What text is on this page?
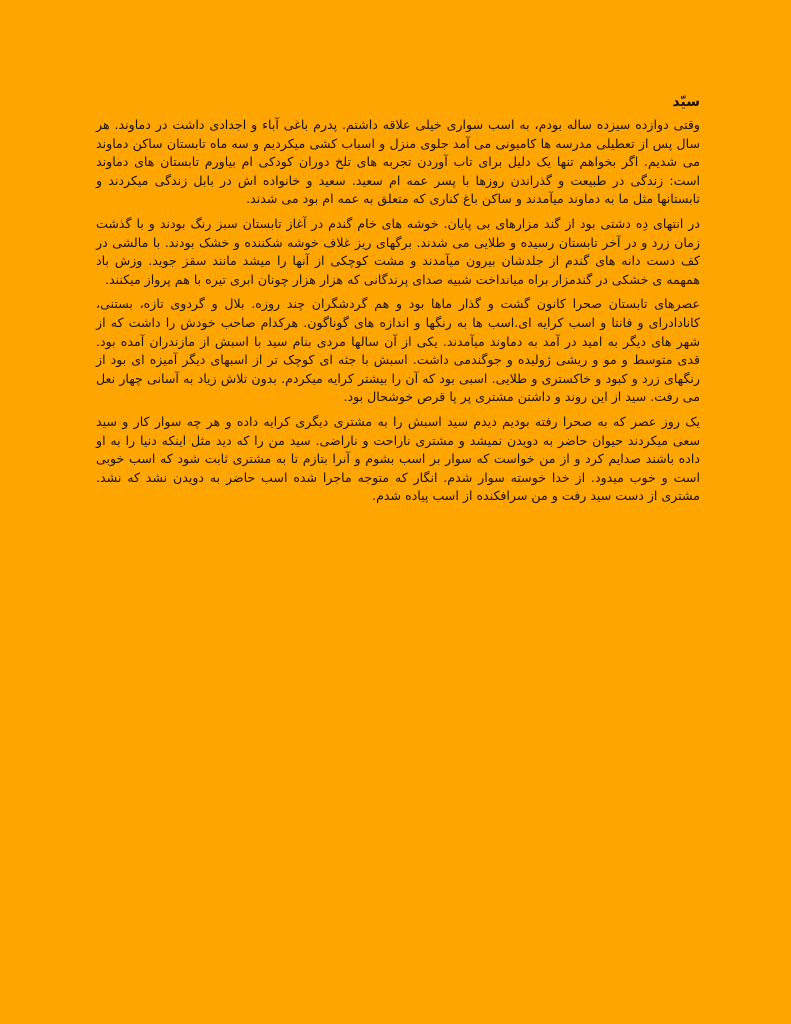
سیّد

وقتی دوازده سیزده ساله بودم، به اسب سواری خیلی علاقه داشتم. پدرم باغی آباء و اجدادی داشت در دماوند. هر سال پس از تعطیلی مدرسه ها کامیونی می آمد جلوی منزل و اسباب کشی میکردیم و سه ماه تابستان ساکن دماوند می شدیم. اگر بخواهم تنها یک دلیل برای تاب آوردن تجربه های تلخ دوران کودکی ام بیاورم تابستان های دماوند است: زندگی در طبیعت و گذراندن روزها با پسر عمه ام سعید. سعید و خانواده اش در بابل زندگی میکردند و تابستانها مثل ما به دماوند میآمدند و ساکن باغ کناری که متعلق به عمه ام بود می شدند.

در انتهای دِه دشتی بود از گند مزارهای بی پایان. خوشه های خام گندم در آغاز تابستان سبز رنگ بودند و با گذشت زمان زرد و در آخر تابستان رسیده و طلایی می شدند. برگهای ریز غلاف خوشه شکننده و خشک بودند. با مالشی در کف دست دانه های گندم از جلدشان بیرون میآمدند و مشت کوچکی از آنها را میشد مانند سقز جوید. وزش باد همهمه ی خشکی در گندمزار براه میانداخت شبیه صدای پرندگانی که هزار هزار چونان ابری تیره با هم پرواز میکنند.

عصرهای تابستان صحرا کانون گشت و گذار ماها بود و هم گردشگران چند روزه. بلال و گردوی تازه، بستنی، کانادادرای و فانتا و اسب کرایه ای.اسب ها به رنگها و اندازه های گوناگون. هرکدام صاحب خودش را داشت که از شهر های دیگر به امید در آمد به دماوند میآمدند. یکی از آن سالها مردی بنام سید با اسبش از مازندران آمده بود. قدی متوسط و مو و ریشی ژولیده و جوگندمی داشت. اسبش با جثه ای کوچک تر از اسبهای دیگر آمیزه ای بود از رنگهای زرد و کبود و خاکستری و طلایی. اسبی بود که آن را بیشتر کرایه میکردم. بدون تلاش زیاد به آسانی چهار نعل می رفت. سید از این روند و داشتن مشتری پر پا قرص خوشحال بود.

یک روز عصر که به صحرا رفته بودیم دیدم سید اسبش را به مشتری دیگری کرایه داده و هر چه سوار کار و سید سعی میکردند حیوان حاضر به دویدن نمیشد و مشتری ناراحت و ناراضی. سید من را که دید مثل اینکه دنیا را به او داده باشند صدایم کرد و از من خواست که سوار بر اسب بشوم و آنرا بتازم تا به مشتری ثابت شود که اسب خوبی است و خوب میدود. از خدا خوسته سوار شدم. انگار که متوجه ماجرا شده اسب حاضر به دویدن نشد که نشد. مشتری از دست سید رفت و من سرافکنده از اسب پیاده شدم.
